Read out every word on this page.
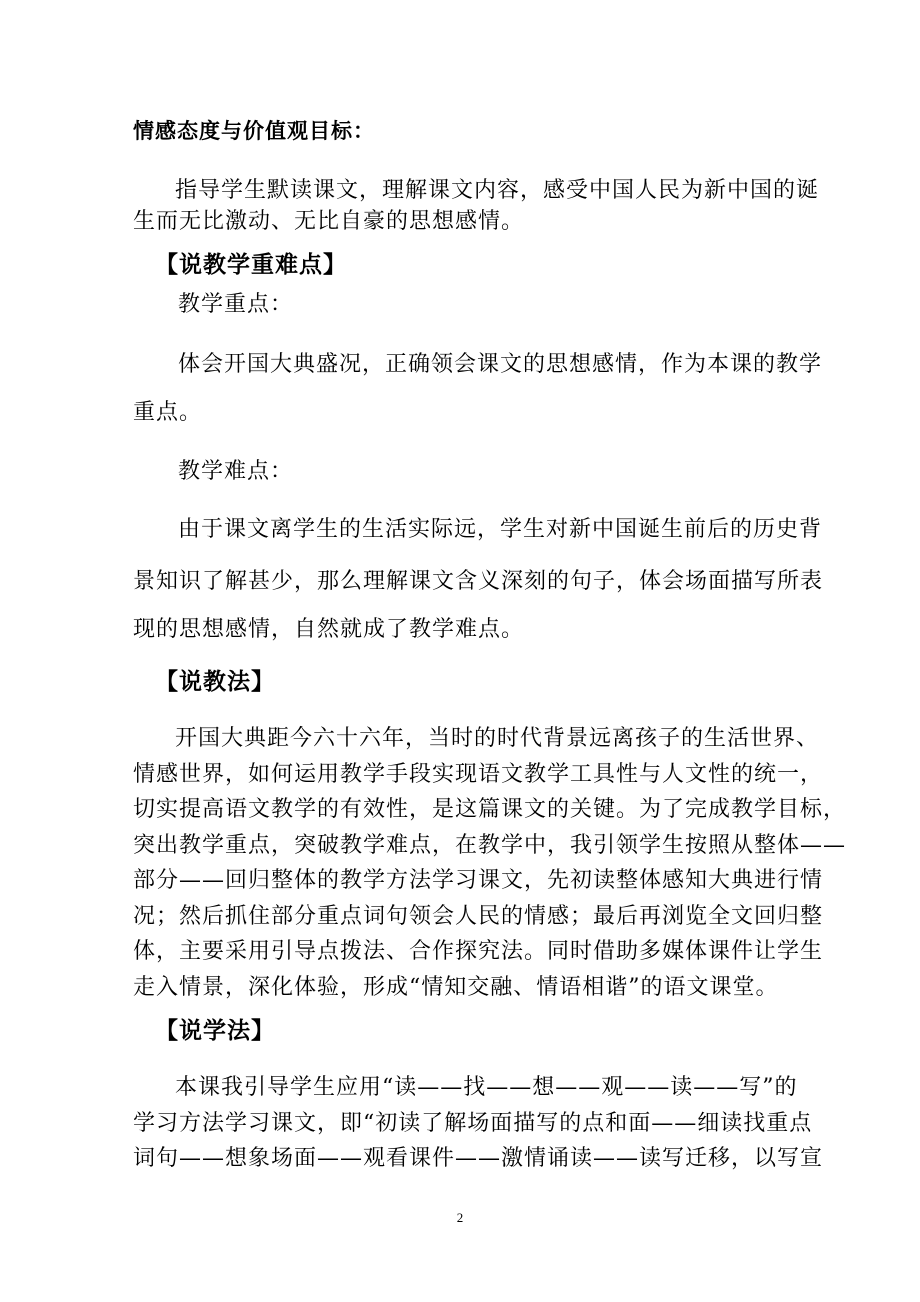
情感态度与价值观目标：
指导学生默读课文，理解课文内容，感受中国人民为新中国的诞
生而无比激动、无比自豪的思想感情。
【说教学重难点】
教学重点：
体会开国大典盛况，正确领会课文的思想感情，作为本课的教学
重点。
教学难点：
由于课文离学生的生活实际远，学生对新中国诞生前后的历史背
景知识了解甚少，那么理解课文含义深刻的句子，体会场面描写所表
现的思想感情，自然就成了教学难点。
【说教法】
开国大典距今六十六年，当时的时代背景远离孩子的生活世界、
情感世界，如何运用教学手段实现语文教学工具性与人文性的统一，
切实提高语文教学的有效性，是这篇课文的关键。为了完成教学目标，
突出教学重点，突破教学难点，在教学中，我引领学生按照从整体——
部分——回归整体的教学方法学习课文，先初读整体感知大典进行情
况；然后抓住部分重点词句领会人民的情感；最后再浏览全文回归整
体，主要采用引导点拨法、合作探究法。同时借助多媒体课件让学生
走入情景，深化体验，形成“情知交融、情语相谐”的语文课堂。
【说学法】
本课我引导学生应用“读——找——想——观——读——写”的
学习方法学习课文，即“初读了解场面描写的点和面——细读找重点
词句——想象场面——观看课件——激情诵读——读写迁移，以写宣
2
